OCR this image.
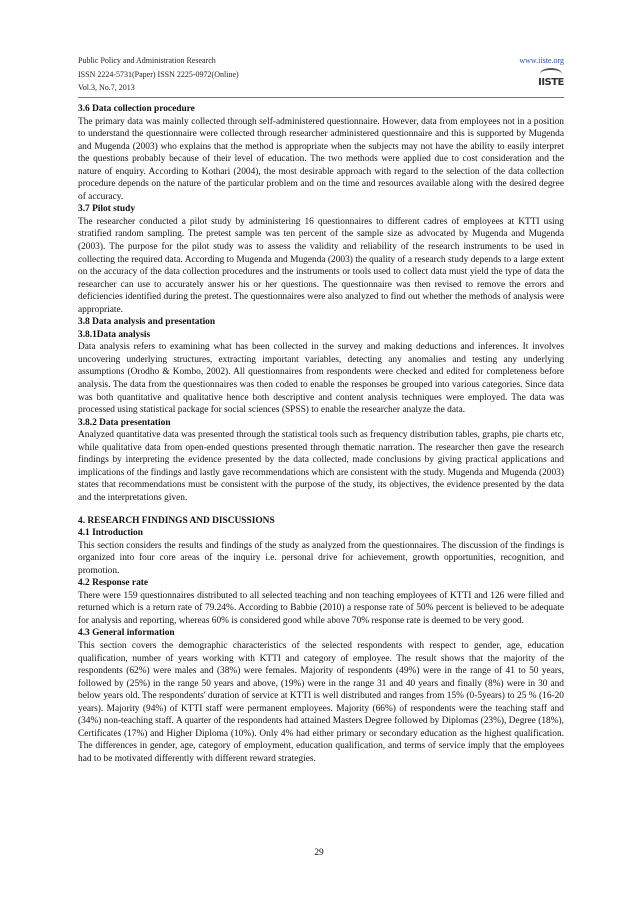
Public Policy and Administration Research	www.iiste.org
ISSN 2224-5731(Paper) ISSN 2225-0972(Online)
Vol.3, No.7, 2013	IISTE
3.6 Data collection procedure

The primary data was mainly collected through self-administered questionnaire. However, data from employees not in a position to understand the questionnaire were collected through researcher administered questionnaire and this is supported by Mugenda and Mugenda (2003) who explains that the method is appropriate when the subjects may not have the ability to easily interpret the questions probably because of their level of education. The two methods were applied due to cost consideration and the nature of enquiry. According to Kothari (2004), the most desirable approach with regard to the selection of the data collection procedure depends on the nature of the particular problem and on the time and resources available along with the desired degree of accuracy.

3.7 Pilot study

The researcher conducted a pilot study by administering 16 questionnaires to different cadres of employees at KTTI using stratified random sampling. The pretest sample was ten percent of the sample size as advocated by Mugenda and Mugenda (2003). The purpose for the pilot study was to assess the validity and reliability of the research instruments to be used in collecting the required data. According to Mugenda and Mugenda (2003) the quality of a research study depends to a large extent on the accuracy of the data collection procedures and the instruments or tools used to collect data must yield the type of data the researcher can use to accurately answer his or her questions. The questionnaire was then revised to remove the errors and deficiencies identified during the pretest. The questionnaires were also analyzed to find out whether the methods of analysis were appropriate.

3.8 Data analysis and presentation
3.8.1Data analysis

Data analysis refers to examining what has been collected in the survey and making deductions and inferences. It involves uncovering underlying structures, extracting important variables, detecting any anomalies and testing any underlying assumptions (Orodho & Kombo, 2002). All questionnaires from respondents were checked and edited for completeness before analysis. The data from the questionnaires was then coded to enable the responses be grouped into various categories. Since data was both quantitative and qualitative hence both descriptive and content analysis techniques were employed. The data was processed using statistical package for social sciences (SPSS) to enable the researcher analyze the data.

3.8.2 Data presentation

Analyzed quantitative data was presented through the statistical tools such as frequency distribution tables, graphs, pie charts etc, while qualitative data from open-ended questions presented through thematic narration. The researcher then gave the research findings by interpreting the evidence presented by the data collected, made conclusions by giving practical applications and implications of the findings and lastly gave recommendations which are consistent with the study. Mugenda and Mugenda (2003) states that recommendations must be consistent with the purpose of the study, its objectives, the evidence presented by the data and the interpretations given.

4. RESEARCH FINDINGS AND DISCUSSIONS
4.1 Introduction

This section considers the results and findings of the study as analyzed from the questionnaires. The discussion of the findings is organized into four core areas of the inquiry i.e. personal drive for achievement, growth opportunities, recognition, and promotion.

4.2 Response rate

There were 159 questionnaires distributed to all selected teaching and non teaching employees of KTTI and 126 were filled and returned which is a return rate of 79.24%. According to Babbie (2010) a response rate of 50% percent is believed to be adequate for analysis and reporting, whereas 60% is considered good while above 70% response rate is deemed to be very good.

4.3 General information

This section covers the demographic characteristics of the selected respondents with respect to gender, age, education qualification, number of years working with KTTI and category of employee. The result shows that the majority of the respondents (62%) were males and (38%) were females. Majority of respondents (49%) were in the range of 41 to 50 years, followed by (25%) in the range 50 years and above, (19%) were in the range 31 and 40 years and finally (8%) were in 30 and below years old. The respondents' duration of service at KTTI is well distributed and ranges from 15% (0-5years) to 25 % (16-20 years). Majority (94%) of KTTI staff were permanent employees. Majority (66%) of respondents were the teaching staff and (34%) non-teaching staff. A quarter of the respondents had attained Masters Degree followed by Diplomas (23%), Degree (18%), Certificates (17%) and Higher Diploma (10%). Only 4% had either primary or secondary education as the highest qualification. The differences in gender, age, category of employment, education qualification, and terms of service imply that the employees had to be motivated differently with different reward strategies.

29
